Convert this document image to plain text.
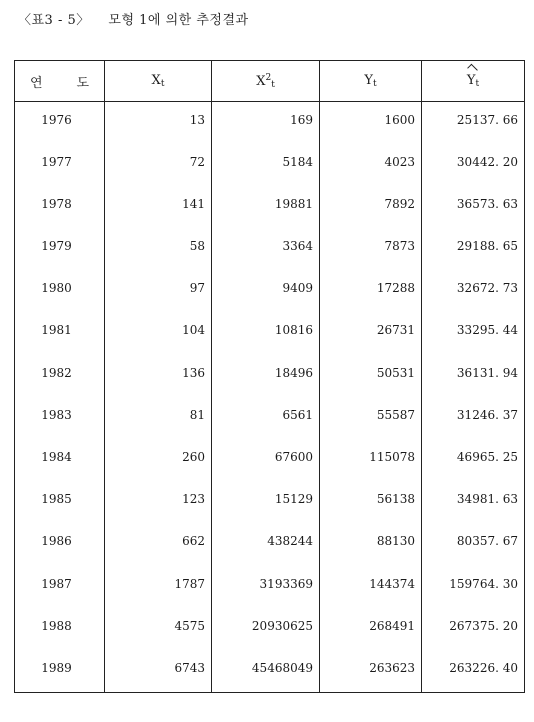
〈표3 - 5〉 모형 1에 의한 추정결과
연 도	$X_t$	$X^2_t$	$Y_t$	$Y_t$
1976	13	169	1600	25137. 66
1977	72	5184	4023	30442. 20
1978	141	19881	7892	36573. 63
1979	58	3364	7873	29188. 65
1980	97	9409	17288	32672. 73
1981	104	10816	26731	33295. 44
1982	136	18496	50531	36131. 94
1983	81	6561	55587	31246. 37
1984	260	67600	115078	46965. 25
1985	123	15129	56138	34981. 63
1986	662	438244	88130	80357. 67
1987	1787	3193369	144374	159764. 30
1988	4575	20930625	268491	267375. 20
1989	6743	45468049	263623	263226. 40
